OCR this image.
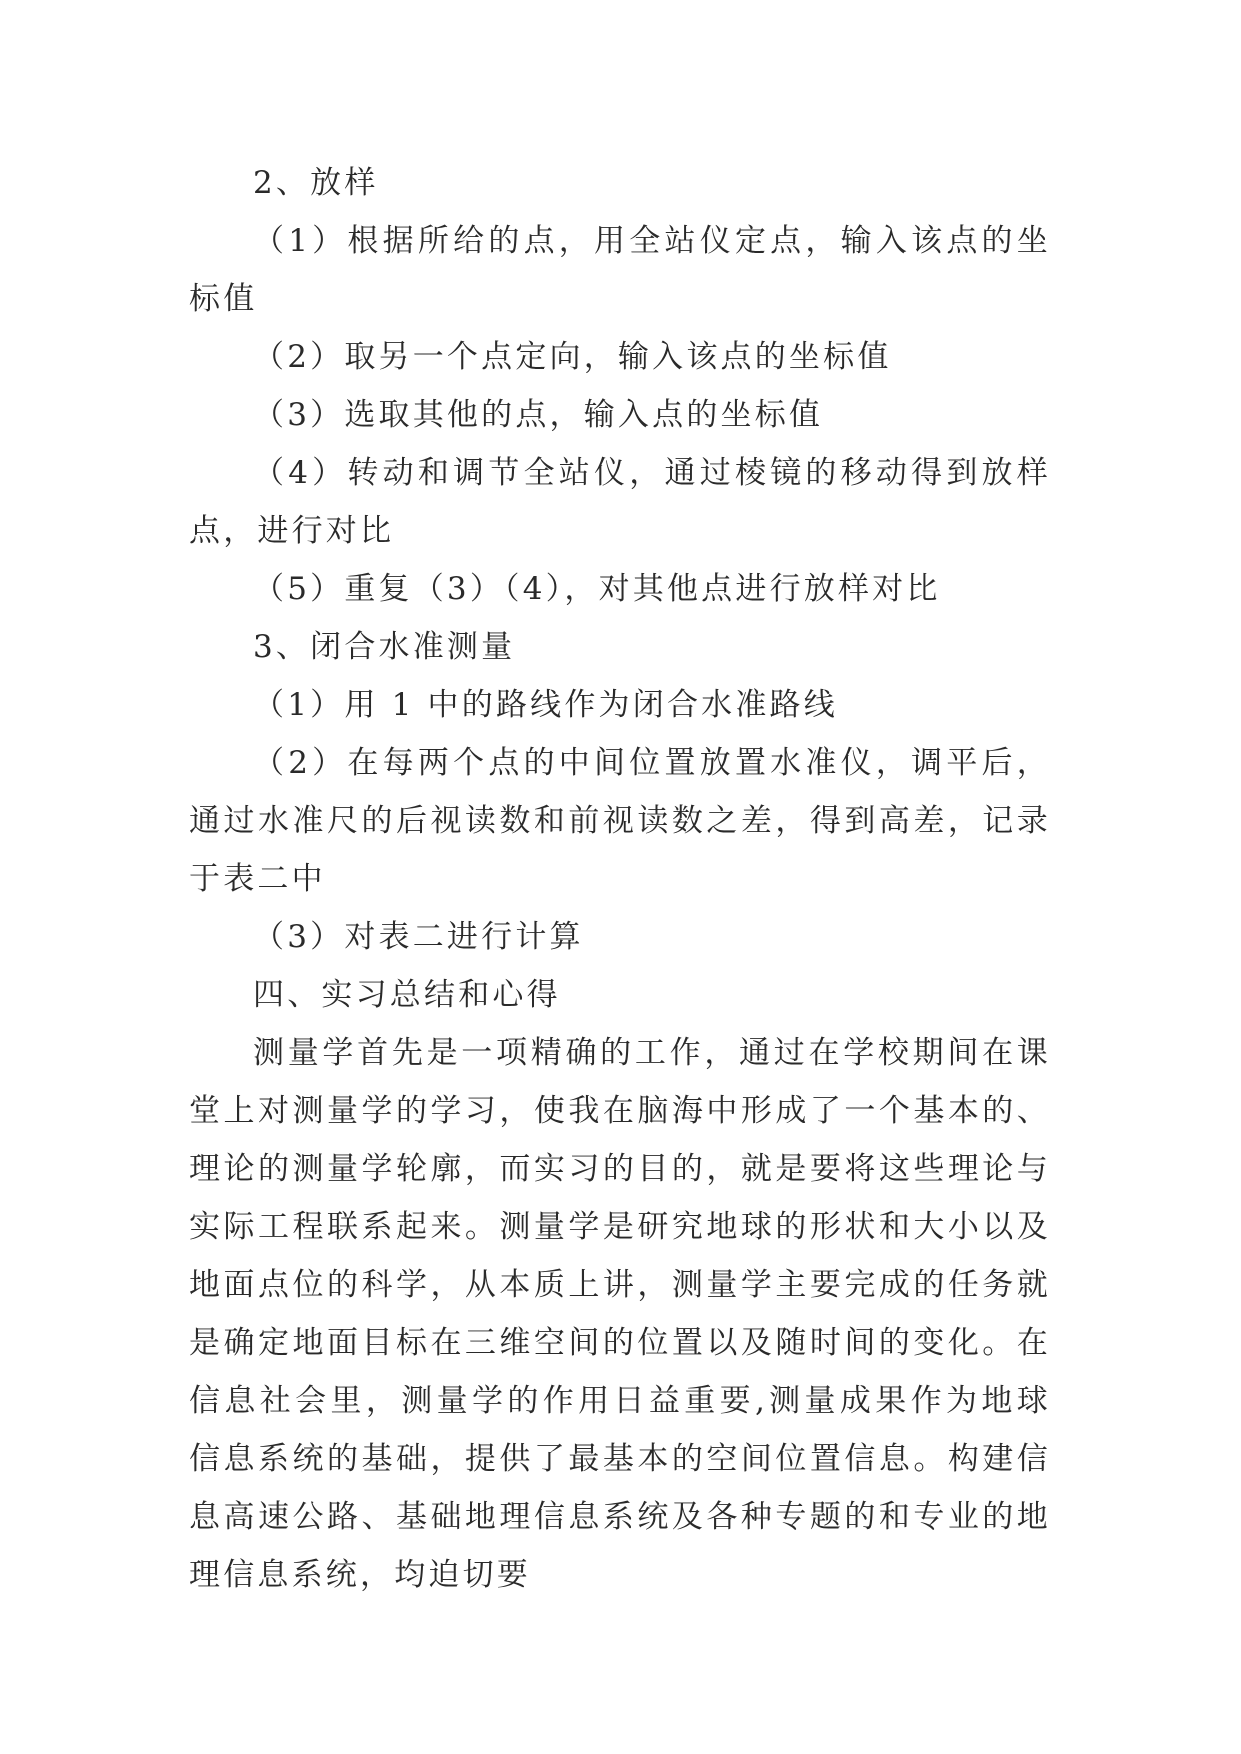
2、放样

（1）根据所给的点，用全站仪定点，输入该点的坐标值

（2）取另一个点定向，输入该点的坐标值

（3）选取其他的点，输入点的坐标值

（4）转动和调节全站仪，通过棱镜的移动得到放样点，进行对比

（5）重复（3）（4），对其他点进行放样对比

3、闭合水准测量

（1）用 1 中的路线作为闭合水准路线

（2）在每两个点的中间位置放置水准仪，调平后，通过水准尺的后视读数和前视读数之差，得到高差，记录于表二中

（3）对表二进行计算

四、实习总结和心得

测量学首先是一项精确的工作，通过在学校期间在课堂上对测量学的学习，使我在脑海中形成了一个基本的、理论的测量学轮廓，而实习的目的，就是要将这些理论与实际工程联系起来。测量学是研究地球的形状和大小以及地面点位的科学，从本质上讲，测量学主要完成的任务就是确定地面目标在三维空间的位置以及随时间的变化。在信息社会里，测量学的作用日益重要,测量成果作为地球信息系统的基础，提供了最基本的空间位置信息。构建信息高速公路、基础地理信息系统及各种专题的和专业的地理信息系统，均迫切要
